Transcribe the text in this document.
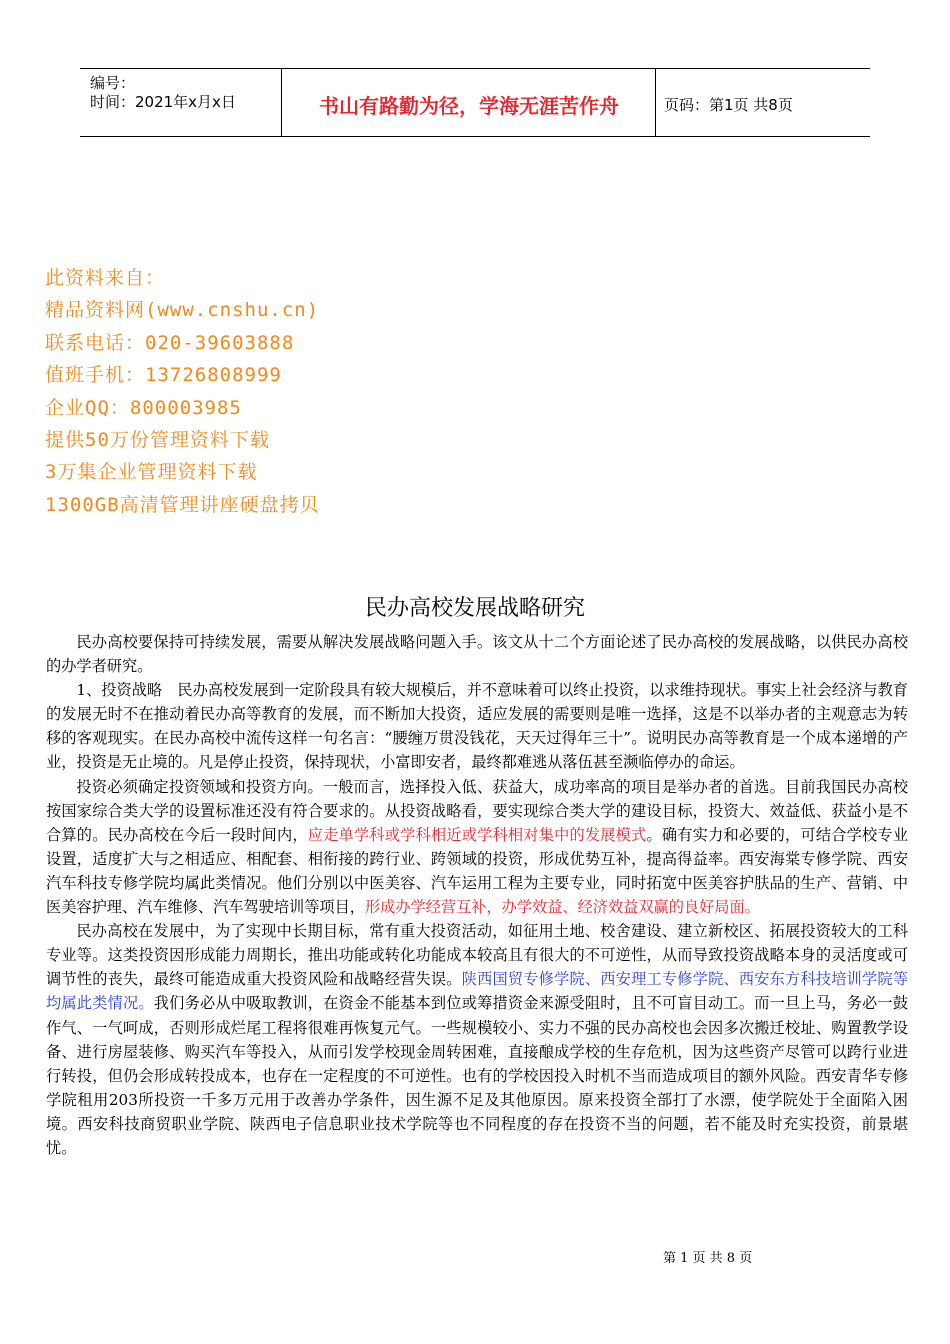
编号：
时间：2021年x月x日	书山有路勤为径，学海无涯苦作舟	页码：第1页 共8页
此资料来自：
精品资料网(www.cnshu.cn)
联系电话：020-39603888
值班手机：13726808999
企业QQ：800003985
提供50万份管理资料下载
3万集企业管理资料下载
1300GB高清管理讲座硬盘拷贝
民办高校发展战略研究

民办高校要保持可持续发展，需要从解决发展战略问题入手。该文从十二个方面论述了民办高校的发展战略，以供民办高校的办学者研究。

1、投资战略　民办高校发展到一定阶段具有较大规模后，并不意味着可以终止投资，以求维持现状。事实上社会经济与教育的发展无时不在推动着民办高等教育的发展，而不断加大投资，适应发展的需要则是唯一选择，这是不以举办者的主观意志为转移的客观现实。在民办高校中流传这样一句名言：“腰缠万贯没钱花，天天过得年三十”。说明民办高等教育是一个成本递增的产业，投资是无止境的。凡是停止投资，保持现状，小富即安者，最终都难逃从落伍甚至濒临停办的命运。

投资必须确定投资领域和投资方向。一般而言，选择投入低、获益大，成功率高的项目是举办者的首选。目前我国民办高校按国家综合类大学的设置标准还没有符合要求的。从投资战略看，要实现综合类大学的建设目标，投资大、效益低、获益小是不合算的。民办高校在今后一段时间内，应走单学科或学科相近或学科相对集中的发展模式。确有实力和必要的，可结合学校专业设置，适度扩大与之相适应、相配套、相衔接的跨行业、跨领域的投资，形成优势互补，提高得益率。西安海棠专修学院、西安汽车科技专修学院均属此类情况。他们分别以中医美容、汽车运用工程为主要专业，同时拓宽中医美容护肤品的生产、营销、中医美容护理、汽车维修、汽车驾驶培训等项目，形成办学经营互补，办学效益、经济效益双赢的良好局面。

民办高校在发展中，为了实现中长期目标，常有重大投资活动，如征用土地、校舍建设、建立新校区、拓展投资较大的工科专业等。这类投资因形成能力周期长，推出功能或转化功能成本较高且有很大的不可逆性，从而导致投资战略本身的灵活度或可调节性的丧失，最终可能造成重大投资风险和战略经营失误。陕西国贸专修学院、西安理工专修学院、西安东方科技培训学院等均属此类情况。我们务必从中吸取教训，在资金不能基本到位或筹措资金来源受阻时，且不可盲目动工。而一旦上马，务必一鼓作气、一气呵成，否则形成烂尾工程将很难再恢复元气。一些规模较小、实力不强的民办高校也会因多次搬迁校址、购置教学设备、进行房屋装修、购买汽车等投入，从而引发学校现金周转困难，直接酿成学校的生存危机，因为这些资产尽管可以跨行业进行转投，但仍会形成转投成本，也存在一定程度的不可逆性。也有的学校因投入时机不当而造成项目的额外风险。西安青华专修学院租用203所投资一千多万元用于改善办学条件，因生源不足及其他原因。原来投资全部打了水漂，使学院处于全面陷入困境。西安科技商贸职业学院、陕西电子信息职业技术学院等也不同程度的存在投资不当的问题，若不能及时充实投资，前景堪忧。

第 1 页 共 8 页
